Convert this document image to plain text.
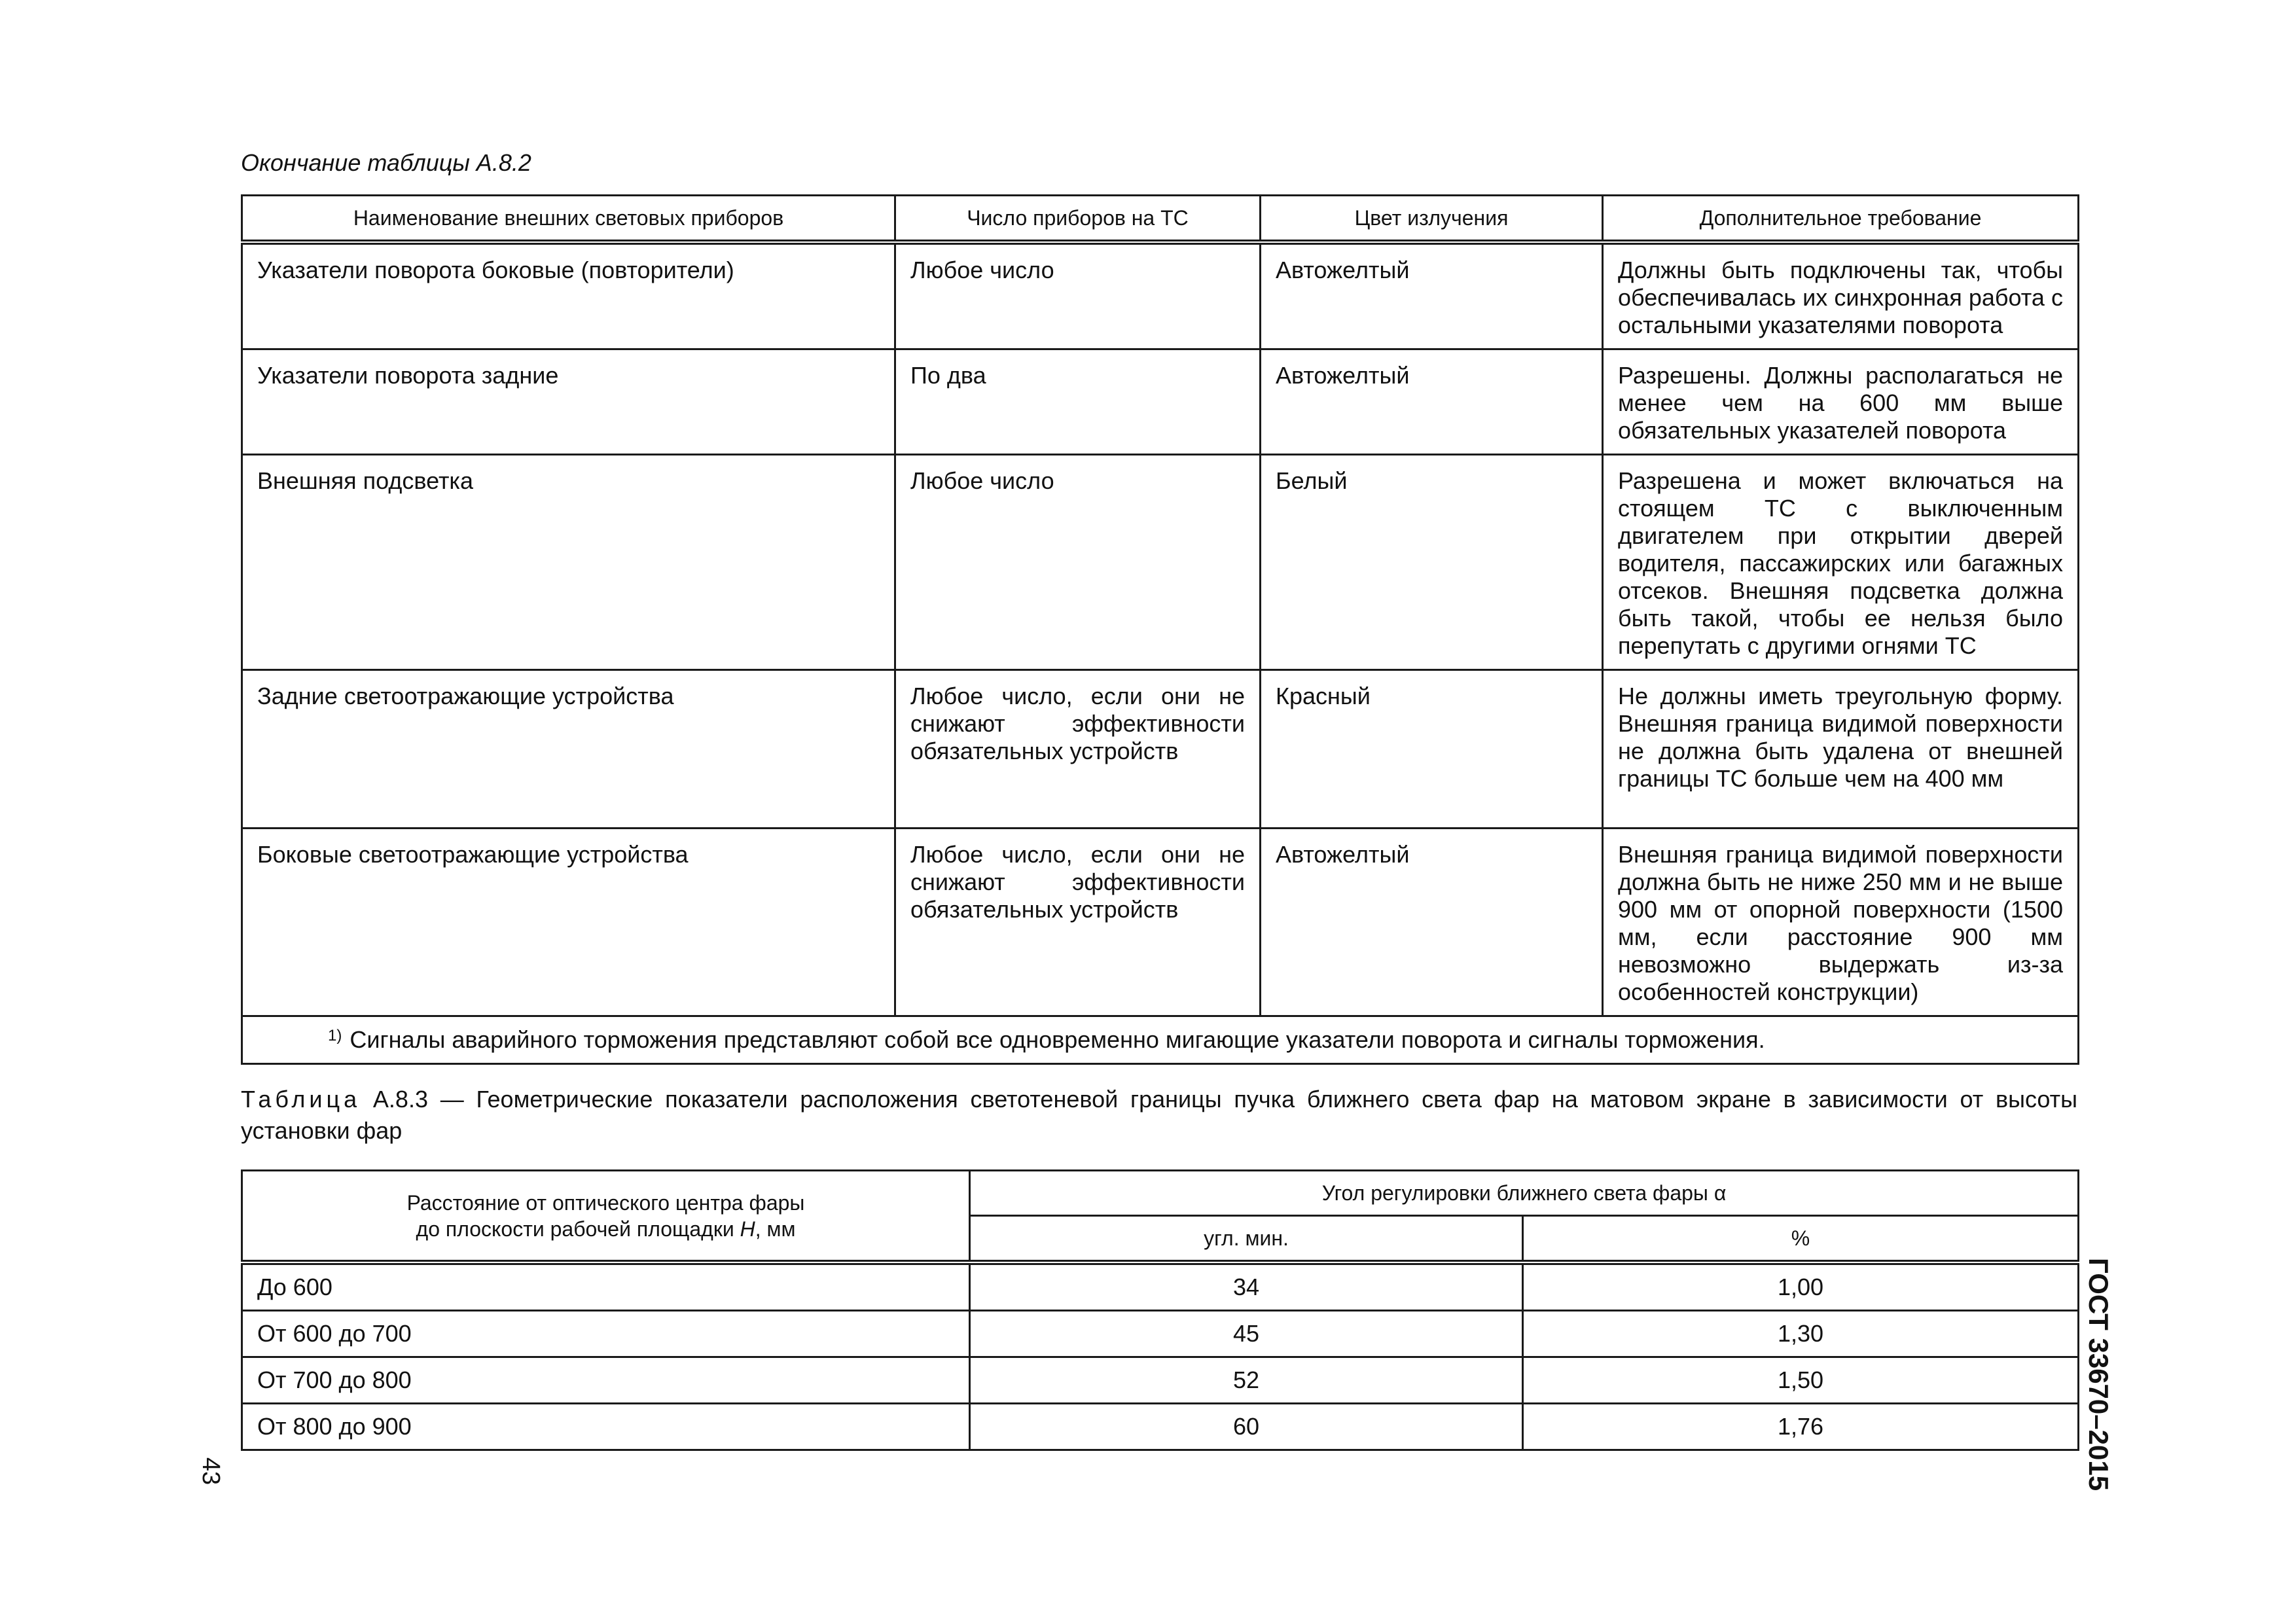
Окончание таблицы А.8.2
Наименование внешних световых приборов	Число приборов на ТС	Цвет излучения	Дополнительное требование
Указатели поворота боковые (повторители)	Любое число	Автожелтый	Должны быть подключены так, чтобы обеспечивалась их синхронная работа с остальными указателями поворота
Указатели поворота задние	По два	Автожелтый	Разрешены. Должны располагаться не менее чем на 600 мм выше обязательных указателей поворота
Внешняя подсветка	Любое число	Белый	Разрешена и может включаться на стоящем ТС с выключенным двигателем при открытии дверей водителя, пассажирских или багажных отсеков. Внешняя подсветка должна быть такой, чтобы ее нельзя было перепутать с другими огнями ТС
Задние светоотражающие устройства	Любое число, если они не снижают эффективности обязательных устройств	Красный	Не должны иметь треугольную форму. Внешняя граница видимой поверхности не должна быть удалена от внешней границы ТС больше чем на 400 мм
Боковые светоотражающие устройства	Любое число, если они не снижают эффективности обязательных устройств	Автожелтый	Внешняя граница видимой поверхности должна быть не ниже 250 мм и не выше 900 мм от опорной поверхности (1500 мм, если расстояние 900 мм невозможно выдержать из-за особенностей конструкции)
$^{1)}$ Сигналы аварийного торможения представляют собой все одновременно мигающие указатели поворота и сигналы торможения.			
Таблица А.8.3 — Геометрические показатели расположения светотеневой границы пучка ближнего света фар на матовом экране в зависимости от высоты установки фар
Расстояние от оптического центра фары
до плоскости рабочей площадки Н, мм	Угол регулировки ближнего света фары α	
	угл. мин.	%
До 600	34	1,00
От 600 до 700	45	1,30
От 700 до 800	52	1,50
От 800 до 900	60	1,76	ГОСТ 33670–2015
43
